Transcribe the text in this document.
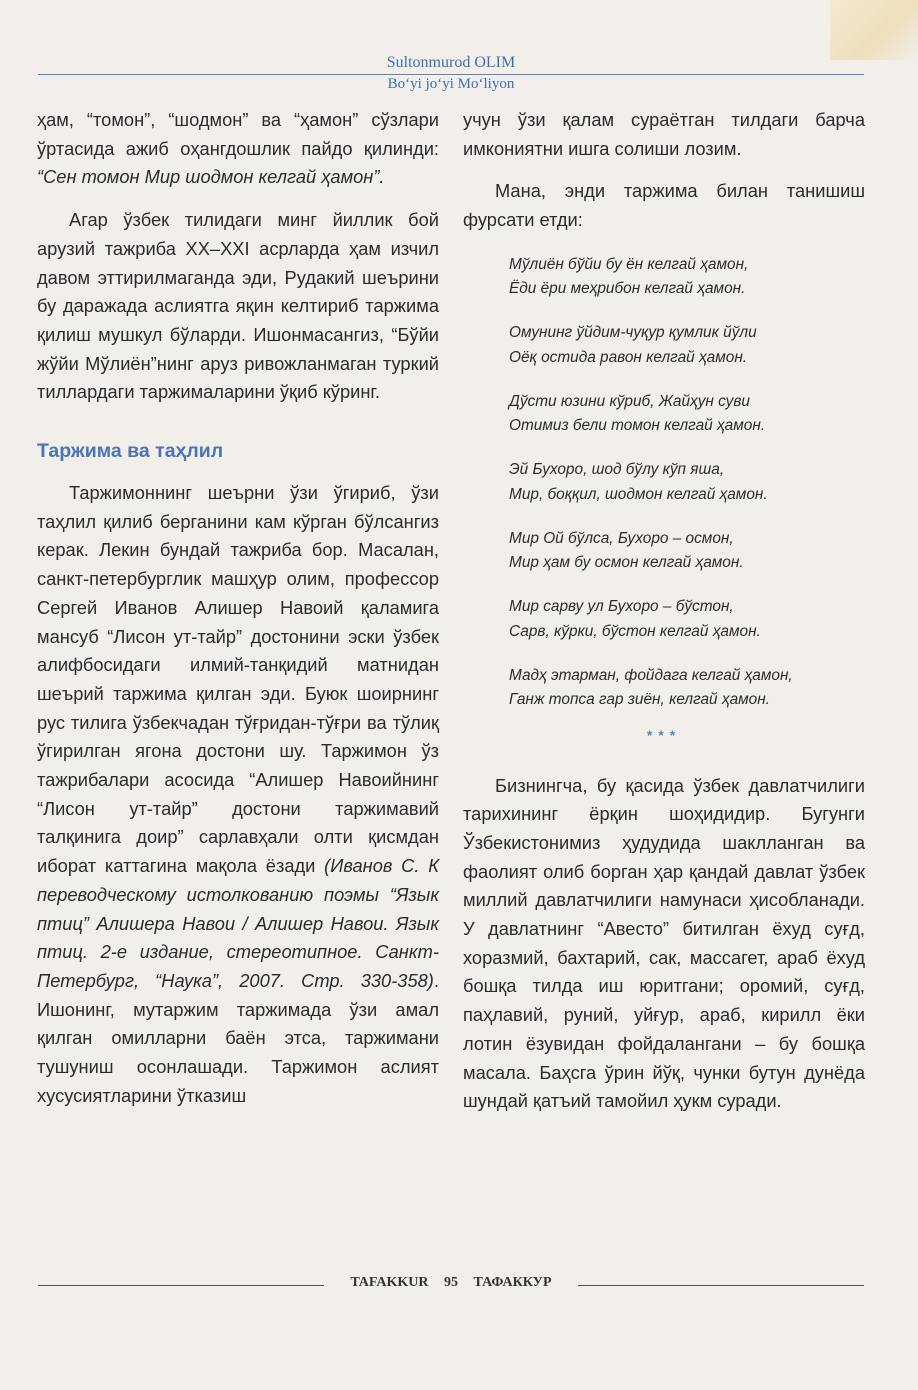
Sultonmurod OLIM
Bo‘yi jo‘yi Mo‘liyon

ҳам, “томон”, “шодмон” ва “ҳамон” сўзлари ўртасида ажиб оҳангдошлик пайдо қилинди: “Сен томон Мир шодмон келгай ҳамон”.

Агар ўзбек тилидаги минг йиллик бой арузий тажриба XX–XXI асрларда ҳам изчил давом эттирилмаганда эди, Рудакий шеърини бу даражада аслиятга яқин келтириб таржима қилиш мушкул бўларди. Ишонмасангиз, “Бўйи жўйи Мўлиён”нинг аруз ривожланмаган туркий тиллардаги таржималарини ўқиб кўринг.

Таржима ва таҳлил

Таржимоннинг шеърни ўзи ўгириб, ўзи таҳлил қилиб берганини кам кўрган бўлсангиз керак. Лекин бундай тажриба бор. Масалан, санкт-петербурглик машҳур олим, профессор Сергей Иванов Алишер Навоий қаламига мансуб “Лисон ут-тайр” достонини эски ўзбек алифбосидаги илмий-танқидий матнидан шеърий таржима қилган эди. Буюк шоирнинг рус тилига ўзбекчадан тўғридан-тўғри ва тўлиқ ўгирилган ягона достони шу. Таржимон ўз тажрибалари асосида “Алишер Навоийнинг “Лисон ут-тайр” достони таржимавий талқинига доир” сарлавҳали олти қисмдан иборат каттагина мақола ёзади (Иванов С. К переводческому истолкованию поэмы “Язык птиц” Алишера Навои / Алишер Навои. Язык птиц. 2-е издание, стереотипное. Санкт-Петербург, “Наука”, 2007. Стр. 330-358). Ишонинг, мутаржим таржимада ўзи амал қилган омилларни баён этса, таржимани тушуниш осонлашади. Таржимон аслият хусусиятларини ўтказиш

учун ўзи қалам сураётган тилдаги барча имкониятни ишга солиши лозим.

Мана, энди таржима билан танишиш фурсати етди:

Мўлиён бўйи бу ён келгай ҳамон,
Ёди ёри меҳрибон келгай ҳамон.
Омунинг ўйдим-чуқур қумлик йўли
Оёқ остида равон келгай ҳамон.
Дўсти юзини кўриб, Жайҳун суви
Отимиз бели томон келгай ҳамон.
Эй Бухоро, шод бўлу кўп яша,
Мир, боққил, шодмон келгай ҳамон.
Мир Ой бўлса, Бухоро – осмон,
Мир ҳам бу осмон келгай ҳамон.
Мир сарву ул Бухоро – бўстон,
Сарв, кўрки, бўстон келгай ҳамон.
Мадҳ этарман, фойдага келгай ҳамон,
Ганж топса гар зиён, келгай ҳамон.
***

Бизнингча, бу қасида ўзбек давлатчилиги тарихининг ёрқин шоҳидидир. Бугунги Ўзбекистонимиз ҳудудида шаклланган ва фаолият олиб борган ҳар қандай давлат ўзбек миллий давлатчилиги намунаси ҳисобланади. У давлатнинг “Авесто” битилган ёхуд суғд, хоразмий, бахтарий, сак, массагет, араб ёхуд бошқа тилда иш юритгани; оромий, суғд, паҳлавий, руний, уйғур, араб, кирилл ёки лотин ёзувидан фойдалангани – бу бошқа масала. Баҳсга ўрин йўқ, чунки бутун дунёда шундай қатъий тамойил ҳукм суради.

TAFAKKUR 95 ТАФАККУР
